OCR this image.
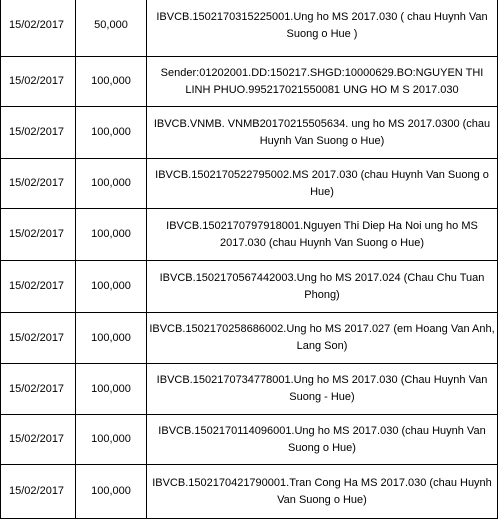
15/02/2017	50,000	IBVCB.1502170315225001.Ung ho MS 2017.030 ( chau Huynh Van Suong o Hue )
15/02/2017	100,000	Sender:01202001.DD:150217.SHGD:10000629.BO:NGUYEN THI LINH PHUO.995217021550081 UNG HO M S 2017.030
15/02/2017	100,000	IBVCB.VNMB. VNMB20170215505634. ung ho MS 2017.0300 (chau Huynh Van Suong o Hue)
15/02/2017	100,000	IBVCB.1502170522795002.MS 2017.030 (chau Huynh Van Suong o Hue)
15/02/2017	100,000	IBVCB.1502170797918001.Nguyen Thi Diep Ha Noi ung ho MS 2017.030 (chau Huynh Van Suong o Hue)
15/02/2017	100,000	IBVCB.1502170567442003.Ung ho MS 2017.024 (Chau Chu Tuan Phong)
15/02/2017	100,000	IBVCB.1502170258686002.Ung ho MS 2017.027 (em Hoang Van Anh, Lang Son)
15/02/2017	100,000	IBVCB.1502170734778001.Ung ho MS 2017.030 (Chau Huynh Van Suong - Hue)
15/02/2017	100,000	IBVCB.1502170114096001.Ung ho MS 2017.030 (chau Huynh Van Suong o Hue)
15/02/2017	100,000	IBVCB.1502170421790001.Tran Cong Ha MS 2017.030 (chau Huynh Van Suong o Hue)
